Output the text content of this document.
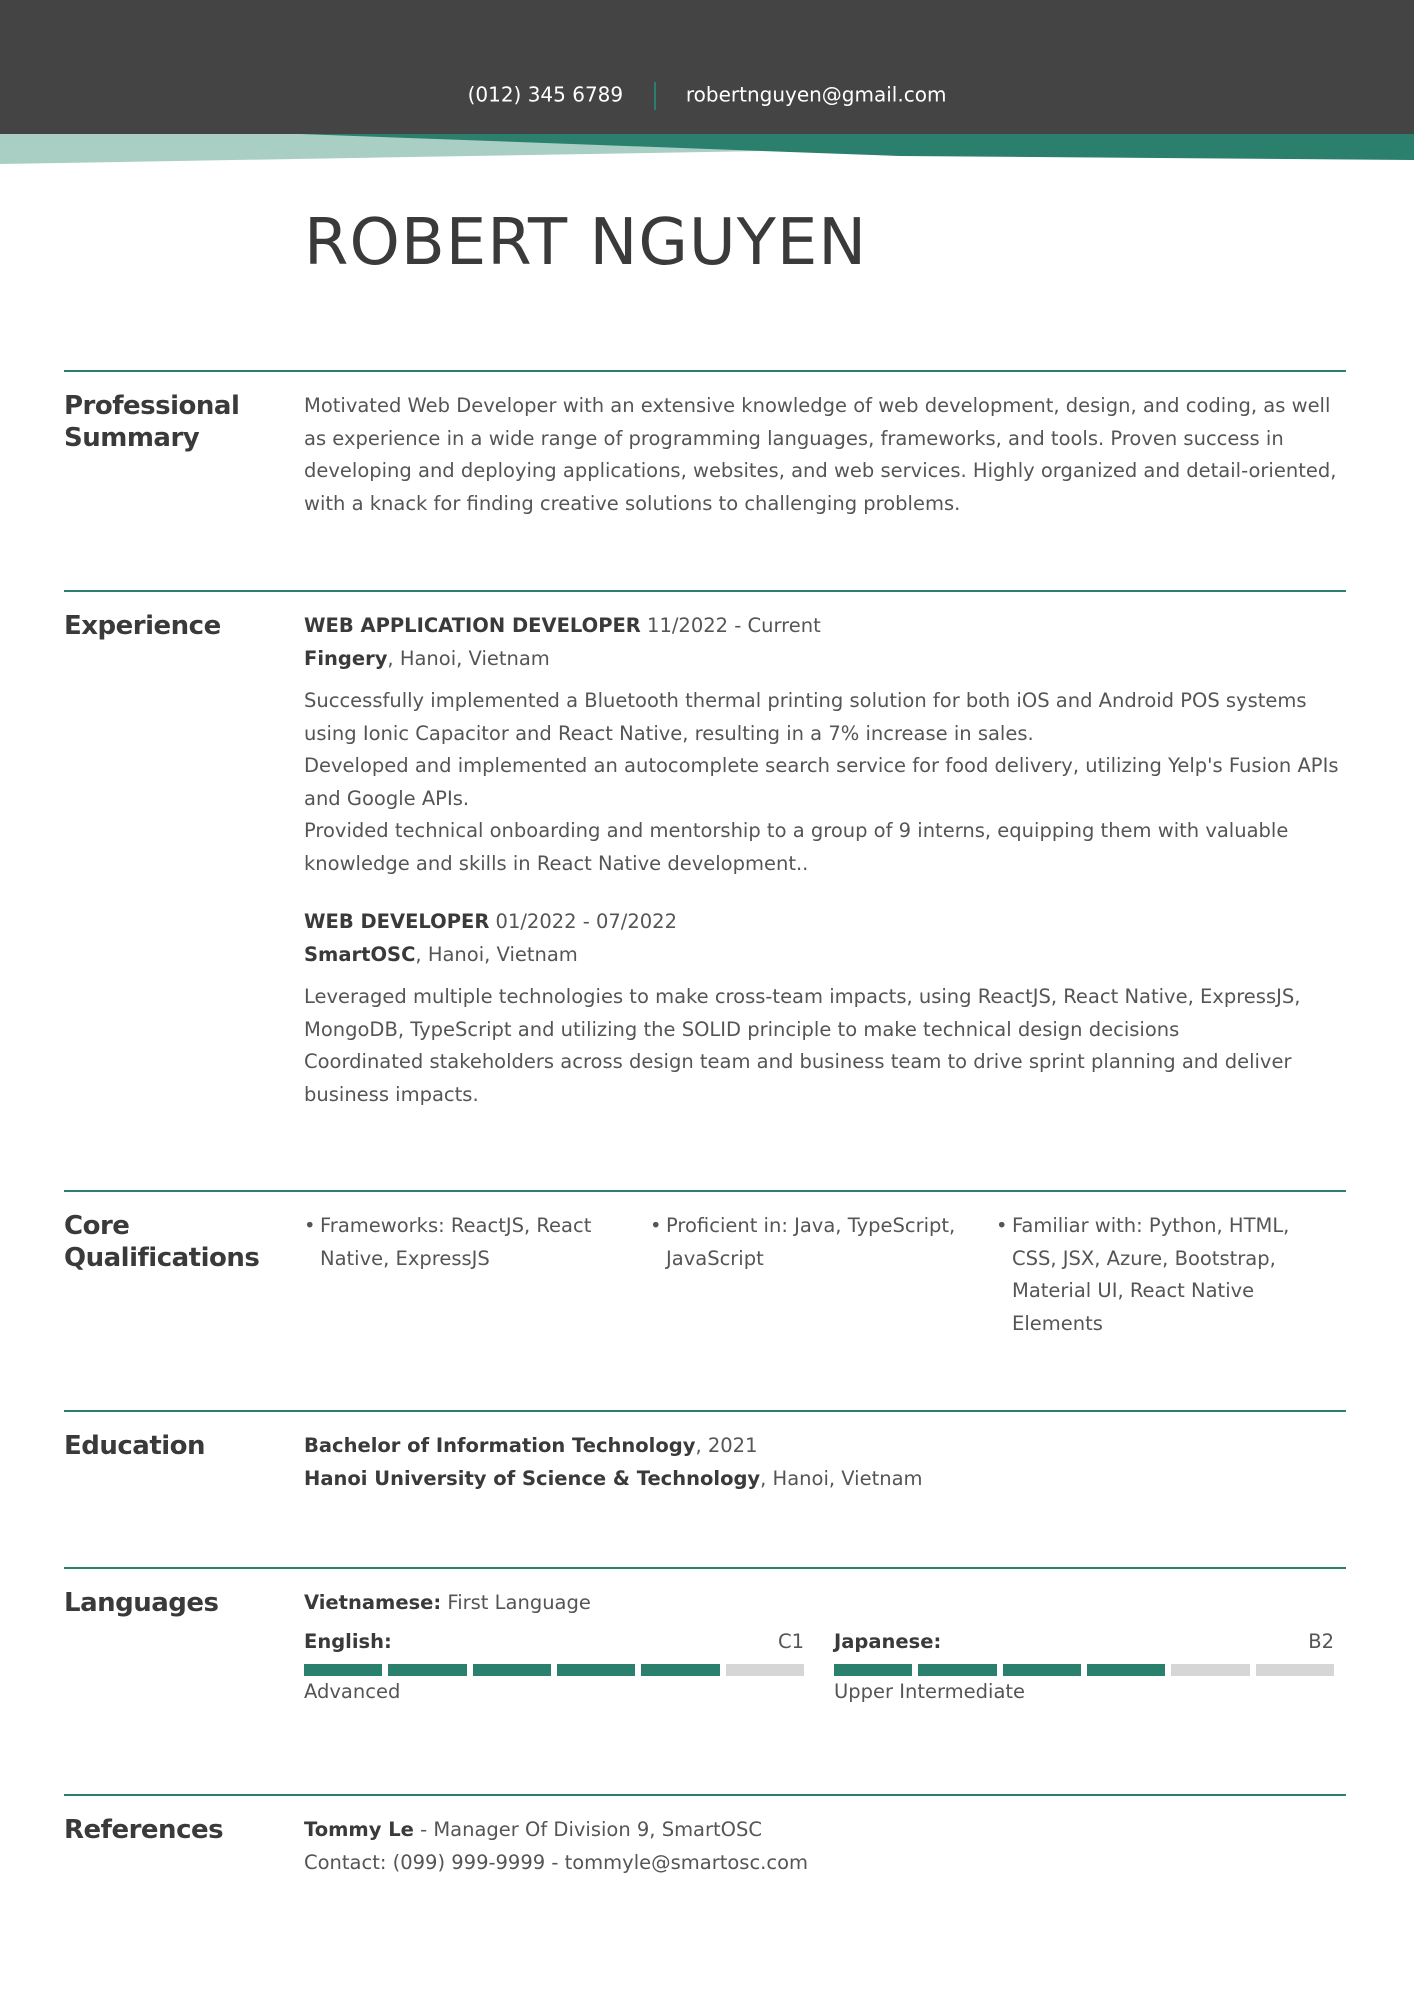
(012) 345 6789	robertnguyen@gmail.com
ROBERT NGUYEN
Professional Summary

Motivated Web Developer with an extensive knowledge of web development, design, and coding, as well as experience in a wide range of programming languages, frameworks, and tools. Proven success in developing and deploying applications, websites, and web services. Highly organized and detail-oriented, with a knack for finding creative solutions to challenging problems.

Experience	WEB APPLICATION DEVELOPER 11/2022 - Current

Fingery, Hanoi, Vietnam

Successfully implemented a Bluetooth thermal printing solution for both iOS and Android POS systems using Ionic Capacitor and React Native, resulting in a 7% increase in sales.

Developed and implemented an autocomplete search service for food delivery, utilizing Yelp's Fusion APIs and Google APIs.

Provided technical onboarding and mentorship to a group of 9 interns, equipping them with valuable knowledge and skills in React Native development..

WEB DEVELOPER 01/2022 - 07/2022

SmartOSC, Hanoi, Vietnam

Leveraged multiple technologies to make cross-team impacts, using ReactJS, React Native, ExpressJS, MongoDB, TypeScript and utilizing the SOLID principle to make technical design decisions

Coordinated stakeholders across design team and business team to drive sprint planning and deliver business impacts.

Core Qualifications
• Frameworks: ReactJS, React Native, ExpressJS
• Proficient in: Java, TypeScript, JavaScript
• Familiar with: Python, HTML, CSS, JSX, Azure, Bootstrap, Material UI, React Native Elements
Education	Bachelor of Information Technology, 2021

Hanoi University of Science & Technology, Hanoi, Vietnam

Languages	Vietnamese: First Language

English:	C1
Advanced
Japanese:	B2
Upper Intermediate
References	Tommy Le - Manager Of Division 9, SmartOSC

Contact: (099) 999-9999 - tommyle@smartosc.com
